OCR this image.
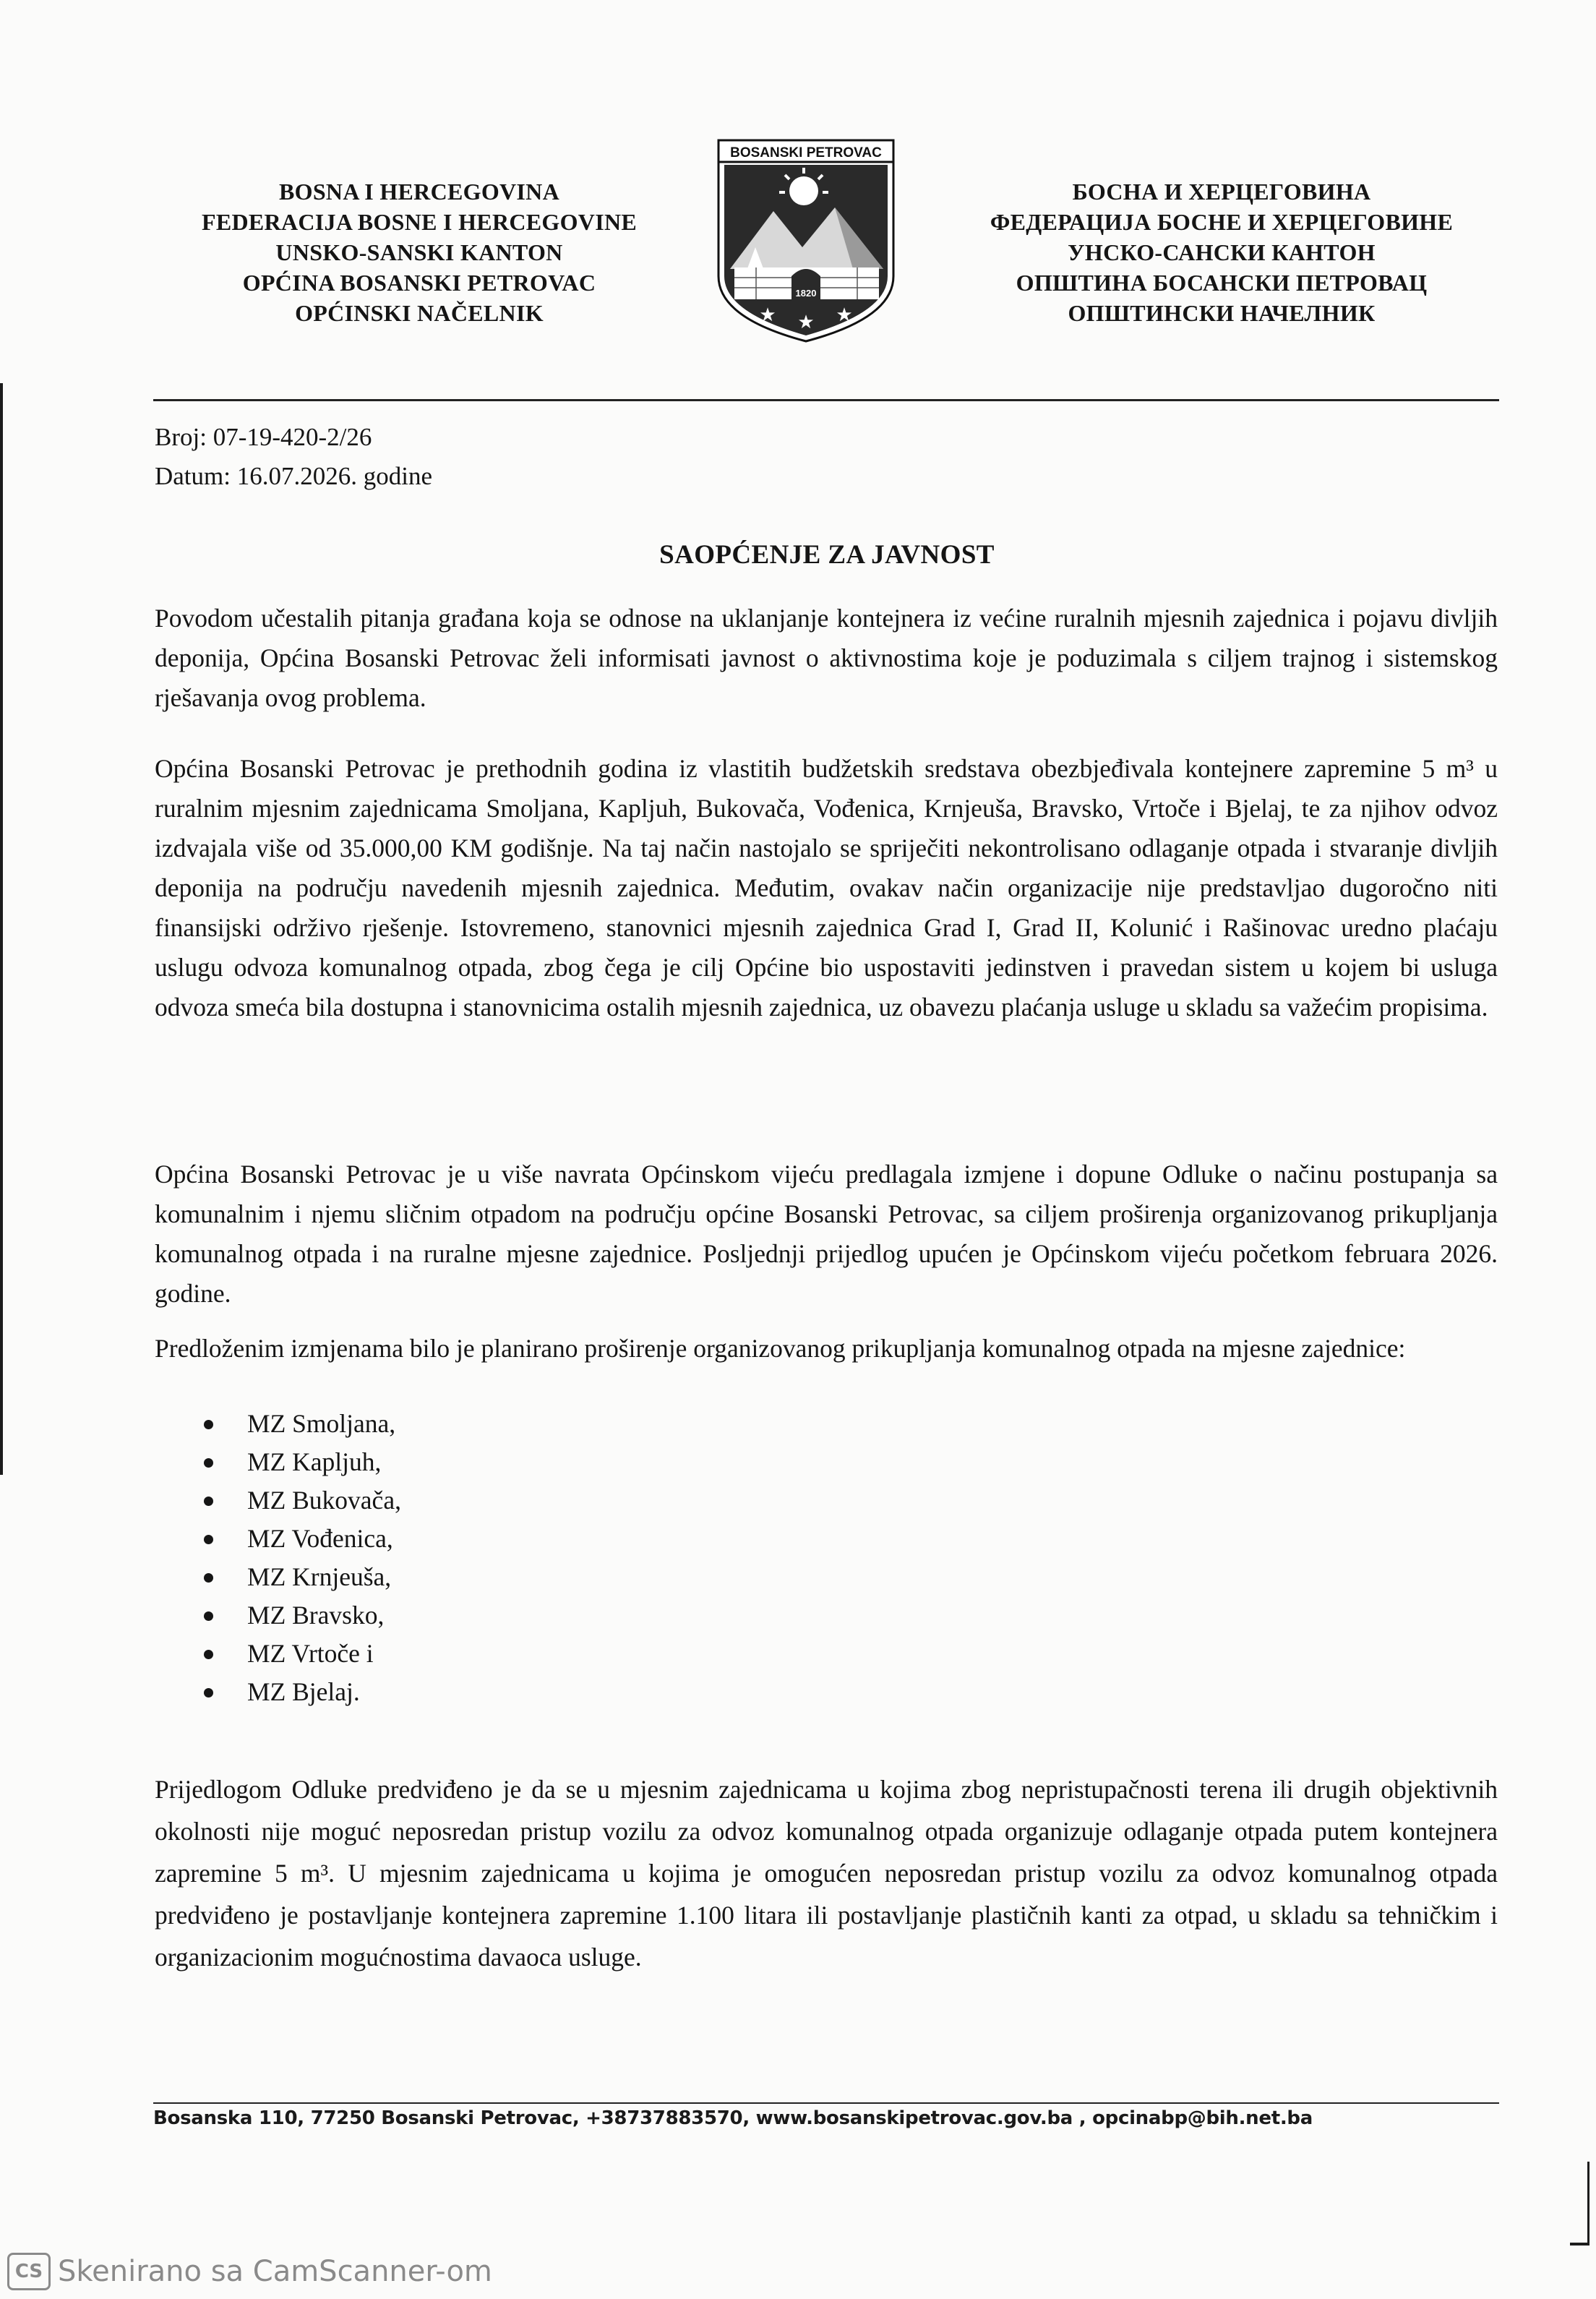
BOSNA I HERCEGOVINA
FEDERACIJA BOSNE I HERCEGOVINE
UNSKO-SANSKI KANTON
OPĆINA BOSANSKI PETROVAC
OPĆINSKI NAČELNIK
BOSANSKI PETROVAC
1820
★ ★ ★
БОСНА И ХЕРЦЕГОВИНА
ФЕДЕРАЦИЈА БОСНЕ И ХЕРЦЕГОВИНЕ
УНСКО-САНСКИ КАНТОН
ОПШТИНА БОСАНСКИ ПЕТРОВАЦ
ОПШТИНСКИ НАЧЕЛНИК
Broj: 07-19-420-2/26
Datum: 16.07.2026. godine
SAOPĆENJE ZA JAVNOST

Povodom učestalih pitanja građana koja se odnose na uklanjanje kontejnera iz većine ruralnih mjesnih zajednica i pojavu divljih deponija, Općina Bosanski Petrovac želi informisati javnost o aktivnostima koje je poduzimala s ciljem trajnog i sistemskog rješavanja ovog problema.

Općina Bosanski Petrovac je prethodnih godina iz vlastitih budžetskih sredstava obezbjeđivala kontejnere zapremine 5 m³ u ruralnim mjesnim zajednicama Smoljana, Kapljuh, Bukovača, Vođenica, Krnjeuša, Bravsko, Vrtoče i Bjelaj, te za njihov odvoz izdvajala više od 35.000,00 KM godišnje. Na taj način nastojalo se spriječiti nekontrolisano odlaganje otpada i stvaranje divljih deponija na području navedenih mjesnih zajednica. Međutim, ovakav način organizacije nije predstavljao dugoročno niti finansijski održivo rješenje. Istovremeno, stanovnici mjesnih zajednica Grad I, Grad II, Kolunić i Rašinovac uredno plaćaju uslugu odvoza komunalnog otpada, zbog čega je cilj Općine bio uspostaviti jedinstven i pravedan sistem u kojem bi usluga odvoza smeća bila dostupna i stanovnicima ostalih mjesnih zajednica, uz obavezu plaćanja usluge u skladu sa važećim propisima.

Općina Bosanski Petrovac je u više navrata Općinskom vijeću predlagala izmjene i dopune Odluke o načinu postupanja sa komunalnim i njemu sličnim otpadom na području općine Bosanski Petrovac, sa ciljem proširenja organizovanog prikupljanja komunalnog otpada i na ruralne mjesne zajednice. Posljednji prijedlog upućen je Općinskom vijeću početkom februara 2026. godine.

Predloženim izmjenama bilo je planirano proširenje organizovanog prikupljanja komunalnog otpada na mjesne zajednice:

MZ Smoljana,
MZ Kapljuh,
MZ Bukovača,
MZ Vođenica,
MZ Krnjeuša,
MZ Bravsko,
MZ Vrtoče i
MZ Bjelaj.

Prijedlogom Odluke predviđeno je da se u mjesnim zajednicama u kojima zbog nepristupačnosti terena ili drugih objektivnih okolnosti nije moguć neposredan pristup vozilu za odvoz komunalnog otpada organizuje odlaganje otpada putem kontejnera zapremine 5 m³. U mjesnim zajednicama u kojima je omogućen neposredan pristup vozilu za odvoz komunalnog otpada predviđeno je postavljanje kontejnera zapremine 1.100 litara ili postavljanje plastičnih kanti za otpad, u skladu sa tehničkim i organizacionim mogućnostima davaoca usluge.

Bosanska 110, 77250 Bosanski Petrovac, +38737883570, www.bosanskipetrovac.gov.ba , opcinabp@bih.net.ba
CS Skenirano sa CamScanner-om
